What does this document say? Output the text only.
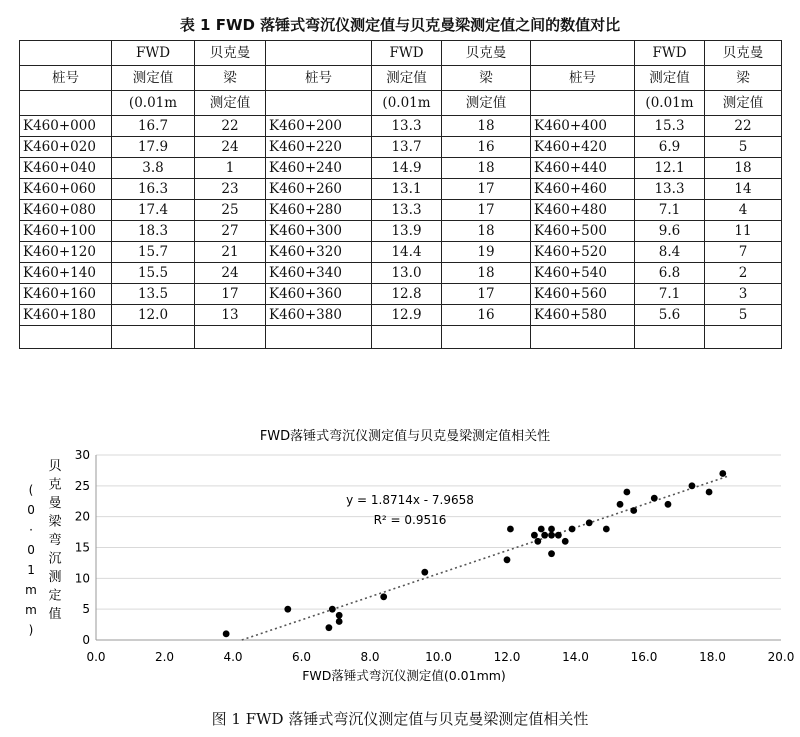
表 1 FWD 落锤式弯沉仪测定值与贝克曼梁测定值之间的数值对比
	FWD	贝克曼		FWD	贝克曼		FWD	贝克曼
桩号	测定值	梁	桩号	测定值	梁	桩号	测定值	梁
	(0.01m	测定值		(0.01m	测定值		(0.01m	测定值
K460+000	16.7	22	K460+200	13.3	18	K460+400	15.3	22
K460+020	17.9	24	K460+220	13.7	16	K460+420	6.9	5
K460+040	3.8	1	K460+240	14.9	18	K460+440	12.1	18
K460+060	16.3	23	K460+260	13.1	17	K460+460	13.3	14
K460+080	17.4	25	K460+280	13.3	17	K460+480	7.1	4
K460+100	18.3	27	K460+300	13.9	18	K460+500	9.6	11
K460+120	15.7	21	K460+320	14.4	19	K460+520	8.4	7
K460+140	15.5	24	K460+340	13.0	18	K460+540	6.8	2
K460+160	13.5	17	K460+360	12.8	17	K460+560	7.1	3
K460+180	12.0	13	K460+380	12.9	16	K460+580	5.6	5

FWD落锤式弯沉仪测定值与贝克曼梁测定值相关性
0
5
10
15
20
25
30
0.0	2.0	4.0	6.0	8.0	10.0	12.0	14.0	16.0	18.0	20.0
y = 1.8714x - 7.9658
R² = 0.9516
贝
克
曼
梁
弯
沉
测
定
值
(
0
·
0
1
m
m
)
FWD落锤式弯沉仪测定值(0.01mm)
图 1 FWD 落锤式弯沉仪测定值与贝克曼梁测定值相关性
